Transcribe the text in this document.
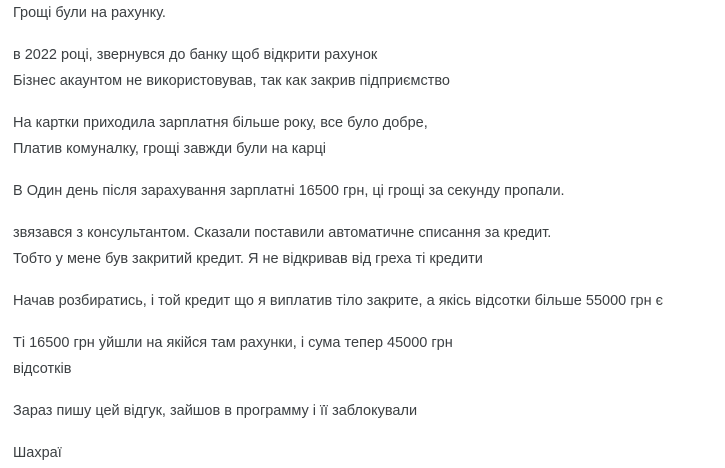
Грощі були на рахунку.

в 2022 році, звернувся до банку щоб відкрити рахунок
Бізнес акаунтом не використовував, так как закрив підприємство

На картки приходила зарплатня більше року, все було добре,
Платив комуналку, грощі завжди були на карці

В Один день після зарахування зарплатні 16500 грн, ці грощі за секунду пропали.

звязався з консультантом. Сказали поставили автоматичне списання за кредит.
Тобто у мене був закритий кредит. Я не відкривав від греха ті кредити

Начав розбиратись, і той кредит що я виплатив тіло закрите, а якісь відсотки більше 55000 грн є

Ті 16500 грн уйшли на якійся там рахунки, і сума тепер 45000 грн
відсотків

Зараз пишу цей відгук, зайшов в программу і її заблокували

Шахраї
